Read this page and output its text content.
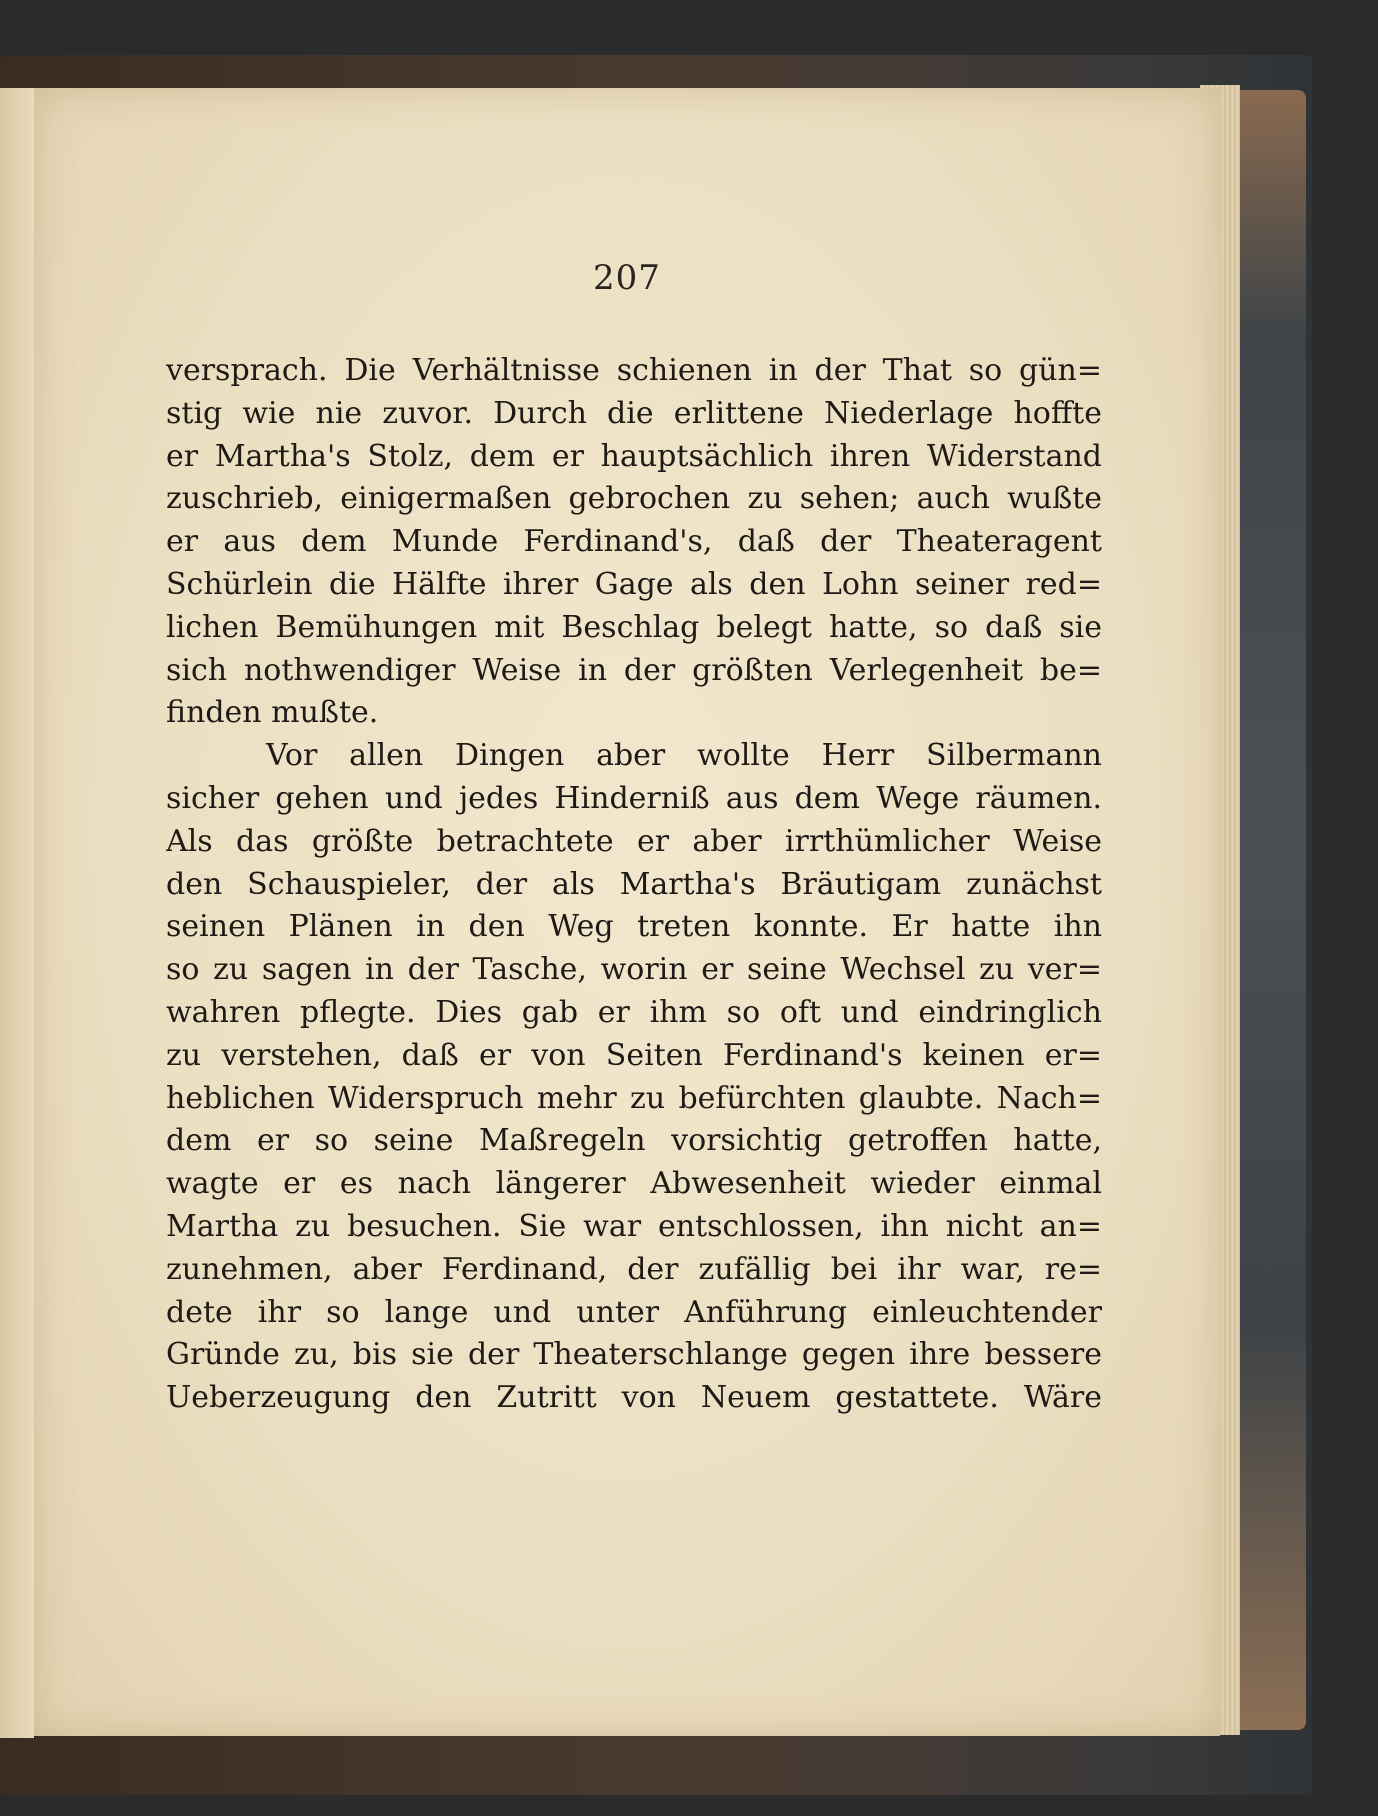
207
versprach. Die Verhältnisse schienen in der That so gün=
stig wie nie zuvor. Durch die erlittene Niederlage hoffte
er Martha's Stolz, dem er hauptsächlich ihren Widerstand
zuschrieb, einigermaßen gebrochen zu sehen; auch wußte
er aus dem Munde Ferdinand's, daß der Theateragent
Schürlein die Hälfte ihrer Gage als den Lohn seiner red=
lichen Bemühungen mit Beschlag belegt hatte, so daß sie
sich nothwendiger Weise in der größten Verlegenheit be=
finden mußte.
Vor allen Dingen aber wollte Herr Silbermann
sicher gehen und jedes Hinderniß aus dem Wege räumen.
Als das größte betrachtete er aber irrthümlicher Weise
den Schauspieler, der als Martha's Bräutigam zunächst
seinen Plänen in den Weg treten konnte. Er hatte ihn
so zu sagen in der Tasche, worin er seine Wechsel zu ver=
wahren pflegte. Dies gab er ihm so oft und eindringlich
zu verstehen, daß er von Seiten Ferdinand's keinen er=
heblichen Widerspruch mehr zu befürchten glaubte. Nach=
dem er so seine Maßregeln vorsichtig getroffen hatte,
wagte er es nach längerer Abwesenheit wieder einmal
Martha zu besuchen. Sie war entschlossen, ihn nicht an=
zunehmen, aber Ferdinand, der zufällig bei ihr war, re=
dete ihr so lange und unter Anführung einleuchtender
Gründe zu, bis sie der Theaterschlange gegen ihre bessere
Ueberzeugung den Zutritt von Neuem gestattete. Wäre
